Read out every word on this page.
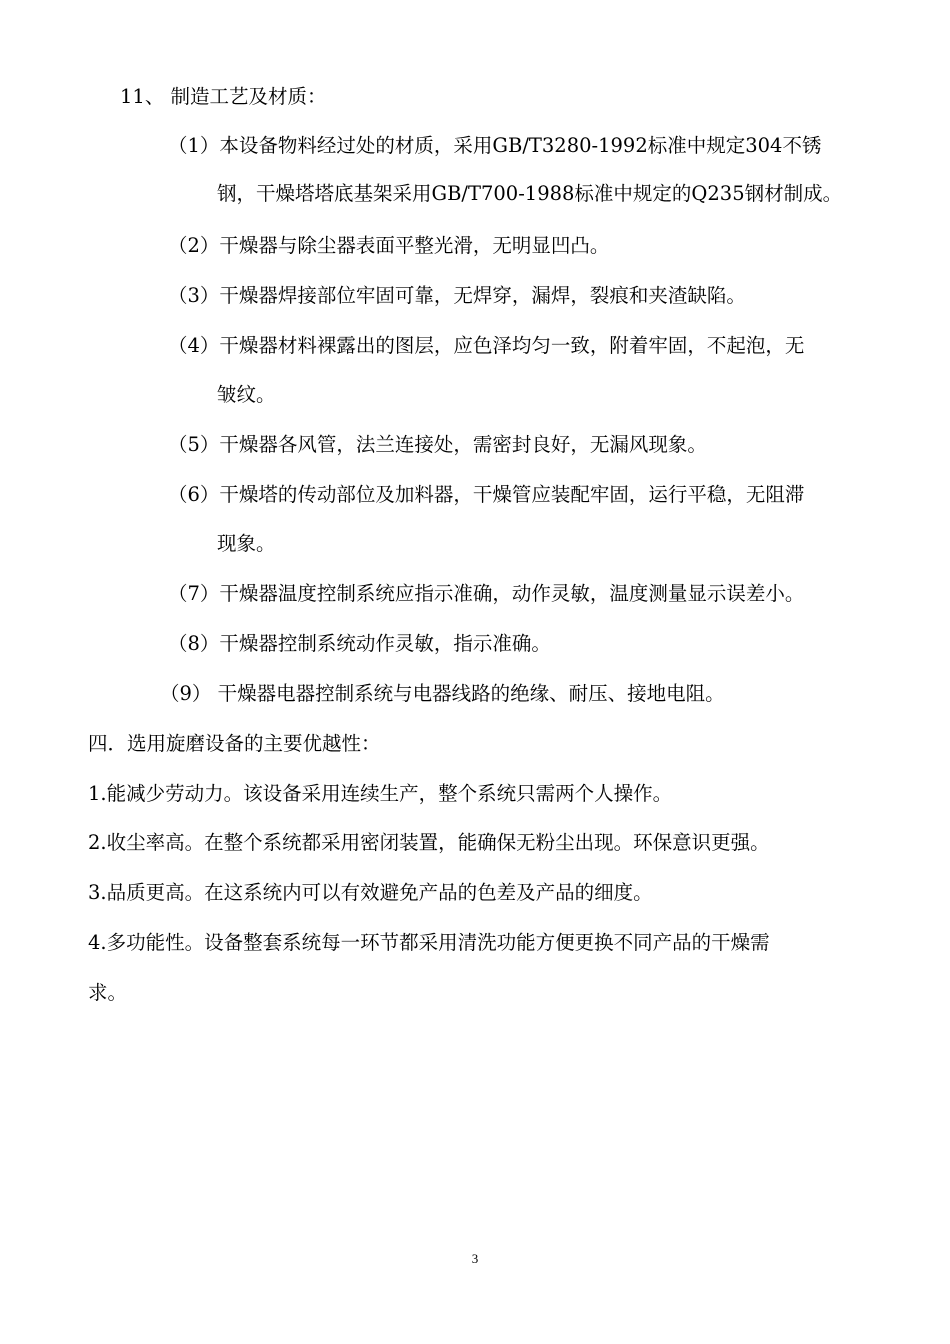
11、 制造工艺及材质：
（1）本设备物料经过处的材质，采用GB/T3280-1992标准中规定304不锈
钢，干燥塔塔底基架采用GB/T700-1988标准中规定的Q235钢材制成。
（2）干燥器与除尘器表面平整光滑，无明显凹凸。
（3）干燥器焊接部位牢固可靠，无焊穿，漏焊，裂痕和夹渣缺陷。
（4）干燥器材料裸露出的图层，应色泽均匀一致，附着牢固，不起泡，无
皱纹。
（5）干燥器各风管，法兰连接处，需密封良好，无漏风现象。
（6）干燥塔的传动部位及加料器，干燥管应装配牢固，运行平稳，无阻滞
现象。
（7）干燥器温度控制系统应指示准确，动作灵敏，温度测量显示误差小。
（8）干燥器控制系统动作灵敏，指示准确。
（9） 干燥器电器控制系统与电器线路的绝缘、耐压、接地电阻。
四．选用旋磨设备的主要优越性：
1.能减少劳动力。该设备采用连续生产，整个系统只需两个人操作。
2.收尘率高。在整个系统都采用密闭装置，能确保无粉尘出现。环保意识更强。
3.品质更高。在这系统内可以有效避免产品的色差及产品的细度。
4.多功能性。设备整套系统每一环节都采用清洗功能方便更换不同产品的干燥需
求。
3
